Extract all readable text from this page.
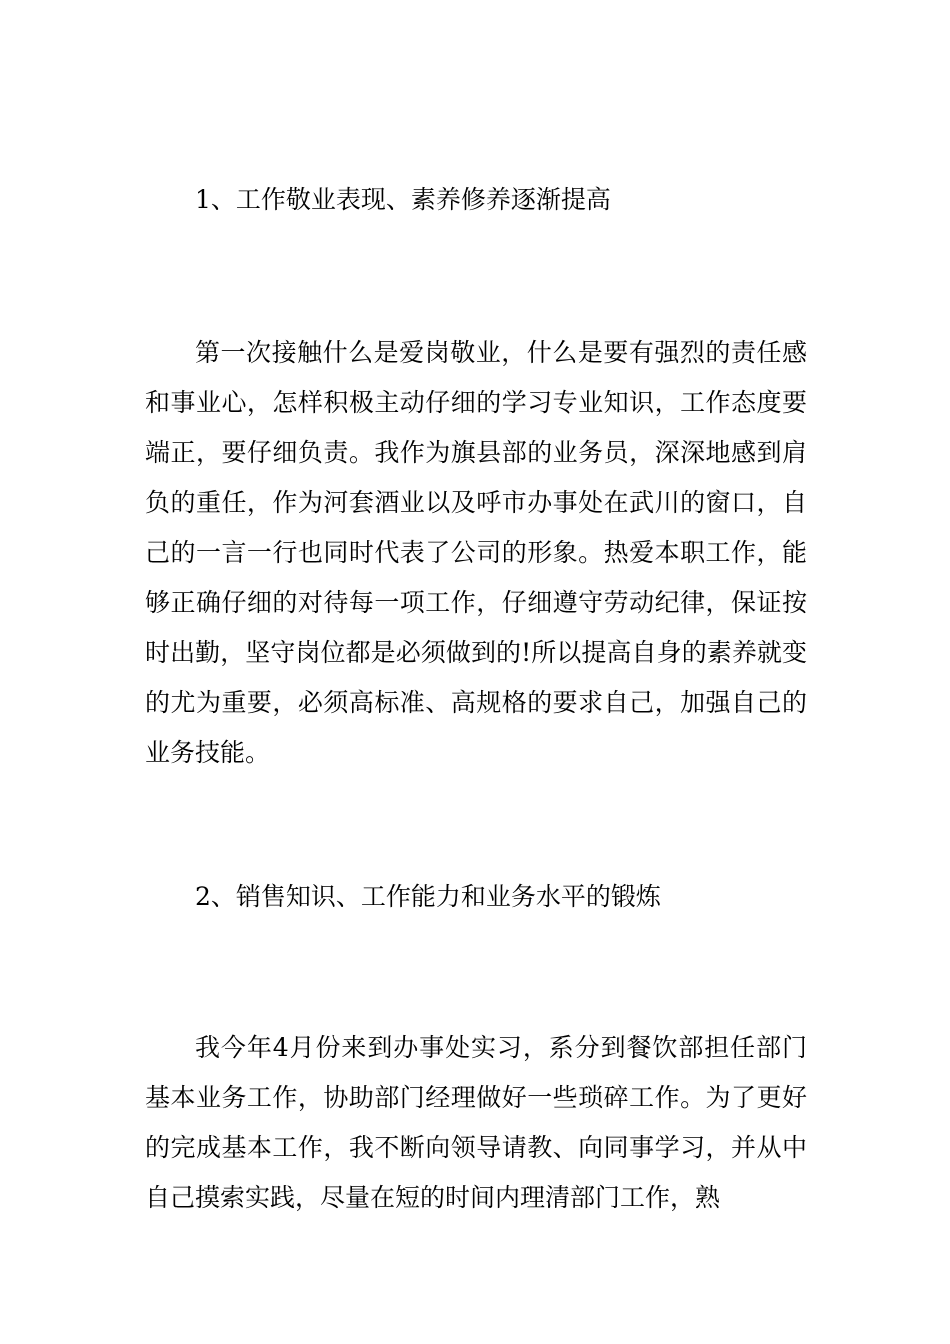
1、工作敬业表现、素养修养逐渐提高

第一次接触什么是爱岗敬业，什么是要有强烈的责任感和事业心，怎样积极主动仔细的学习专业知识，工作态度要端正，要仔细负责。我作为旗县部的业务员，深深地感到肩负的重任，作为河套酒业以及呼市办事处在武川的窗口，自己的一言一行也同时代表了公司的形象。热爱本职工作，能够正确仔细的对待每一项工作，仔细遵守劳动纪律，保证按时出勤，坚守岗位都是必须做到的!所以提高自身的素养就变的尤为重要，必须高标准、高规格的要求自己，加强自己的业务技能。

2、销售知识、工作能力和业务水平的锻炼

我今年4月份来到办事处实习，系分到餐饮部担任部门基本业务工作，协助部门经理做好一些琐碎工作。为了更好的完成基本工作，我不断向领导请教、向同事学习，并从中自己摸索实践，尽量在短的时间内理清部门工作，熟
